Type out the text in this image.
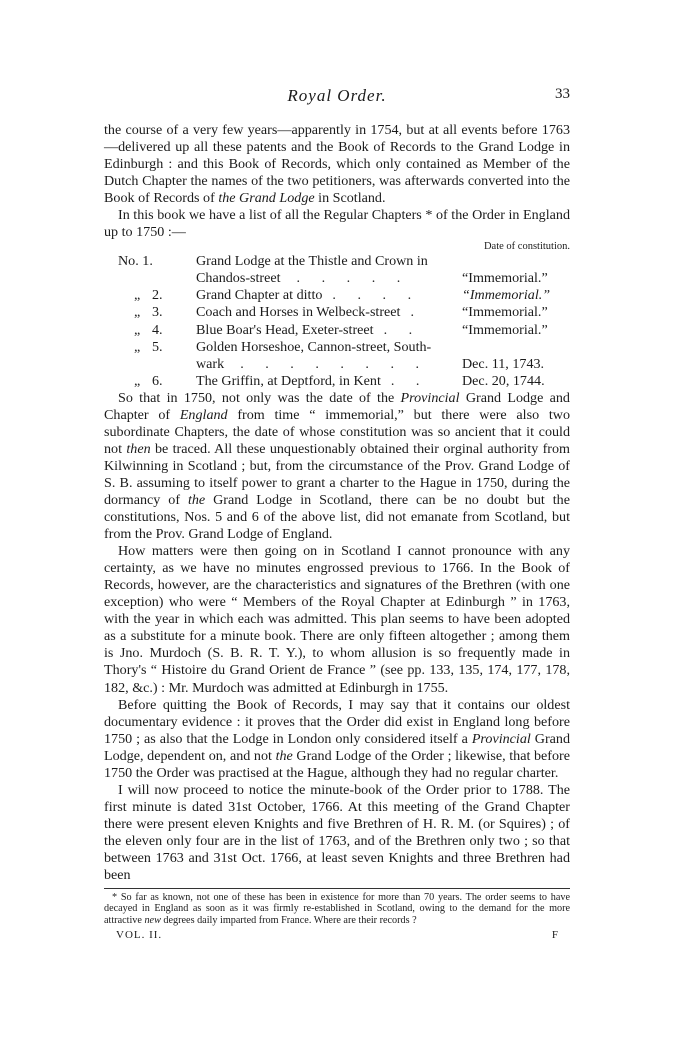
Royal Order.	33

the course of a very few years—apparently in 1754, but at all events before 1763—delivered up all these patents and the Book of Records to the Grand Lodge in Edinburgh : and this Book of Records, which only contained as Member of the Dutch Chapter the names of the two petitioners, was afterwards converted into the Book of Records of the Grand Lodge in Scotland.

In this book we have a list of all the Regular Chapters * of the Order in England up to 1750 :—

Date of constitution.

No. 1.	Grand Lodge at the Thistle and Crown in	
	Chandos-street . . . . .	“Immemorial.”
„ 2.	Grand Chapter at ditto . . . .	“Immemorial.”
„ 3.	Coach and Horses in Welbeck-street .	“Immemorial.”
„ 4.	Blue Boar's Head, Exeter-street . .	“Immemorial.”
„ 5.	Golden Horseshoe, Cannon-street, South-	
	wark . . . . . . . .	Dec. 11, 1743.
„ 6.	The Griffin, at Deptford, in Kent . .	Dec. 20, 1744.

So that in 1750, not only was the date of the Provincial Grand Lodge and Chapter of England from time “ immemorial,” but there were also two subordinate Chapters, the date of whose constitution was so ancient that it could not then be traced. All these unquestionably obtained their orginal authority from Kilwinning in Scotland ; but, from the circumstance of the Prov. Grand Lodge of S. B. assuming to itself power to grant a charter to the Hague in 1750, during the dormancy of the Grand Lodge in Scotland, there can be no doubt but the constitutions, Nos. 5 and 6 of the above list, did not emanate from Scotland, but from the Prov. Grand Lodge of England.

How matters were then going on in Scotland I cannot pronounce with any certainty, as we have no minutes engrossed previous to 1766. In the Book of Records, however, are the characteristics and signatures of the Brethren (with one exception) who were “ Members of the Royal Chapter at Edinburgh ” in 1763, with the year in which each was admitted. This plan seems to have been adopted as a substitute for a minute book. There are only fifteen altogether ; among them is Jno. Murdoch (S. B. R. T. Y.), to whom allusion is so frequently made in Thory's “ Histoire du Grand Orient de France ” (see pp. 133, 135, 174, 177, 178, 182, &c.) : Mr. Murdoch was admitted at Edinburgh in 1755.

Before quitting the Book of Records, I may say that it contains our oldest documentary evidence : it proves that the Order did exist in England long before 1750 ; as also that the Lodge in London only considered itself a Provincial Grand Lodge, dependent on, and not the Grand Lodge of the Order ; likewise, that before 1750 the Order was practised at the Hague, although they had no regular charter.

I will now proceed to notice the minute-book of the Order prior to 1788. The first minute is dated 31st October, 1766. At this meeting of the Grand Chapter there were present eleven Knights and five Brethren of H. R. M. (or Squires) ; of the eleven only four are in the list of 1763, and of the Brethren only two ; so that between 1763 and 31st Oct. 1766, at least seven Knights and three Brethren had been

* So far as known, not one of these has been in existence for more than 70 years. The order seems to have decayed in England as soon as it was firmly re-established in Scotland, owing to the demand for the more attractive new degrees daily imparted from France. Where are their records ?

VOL. II.	F
